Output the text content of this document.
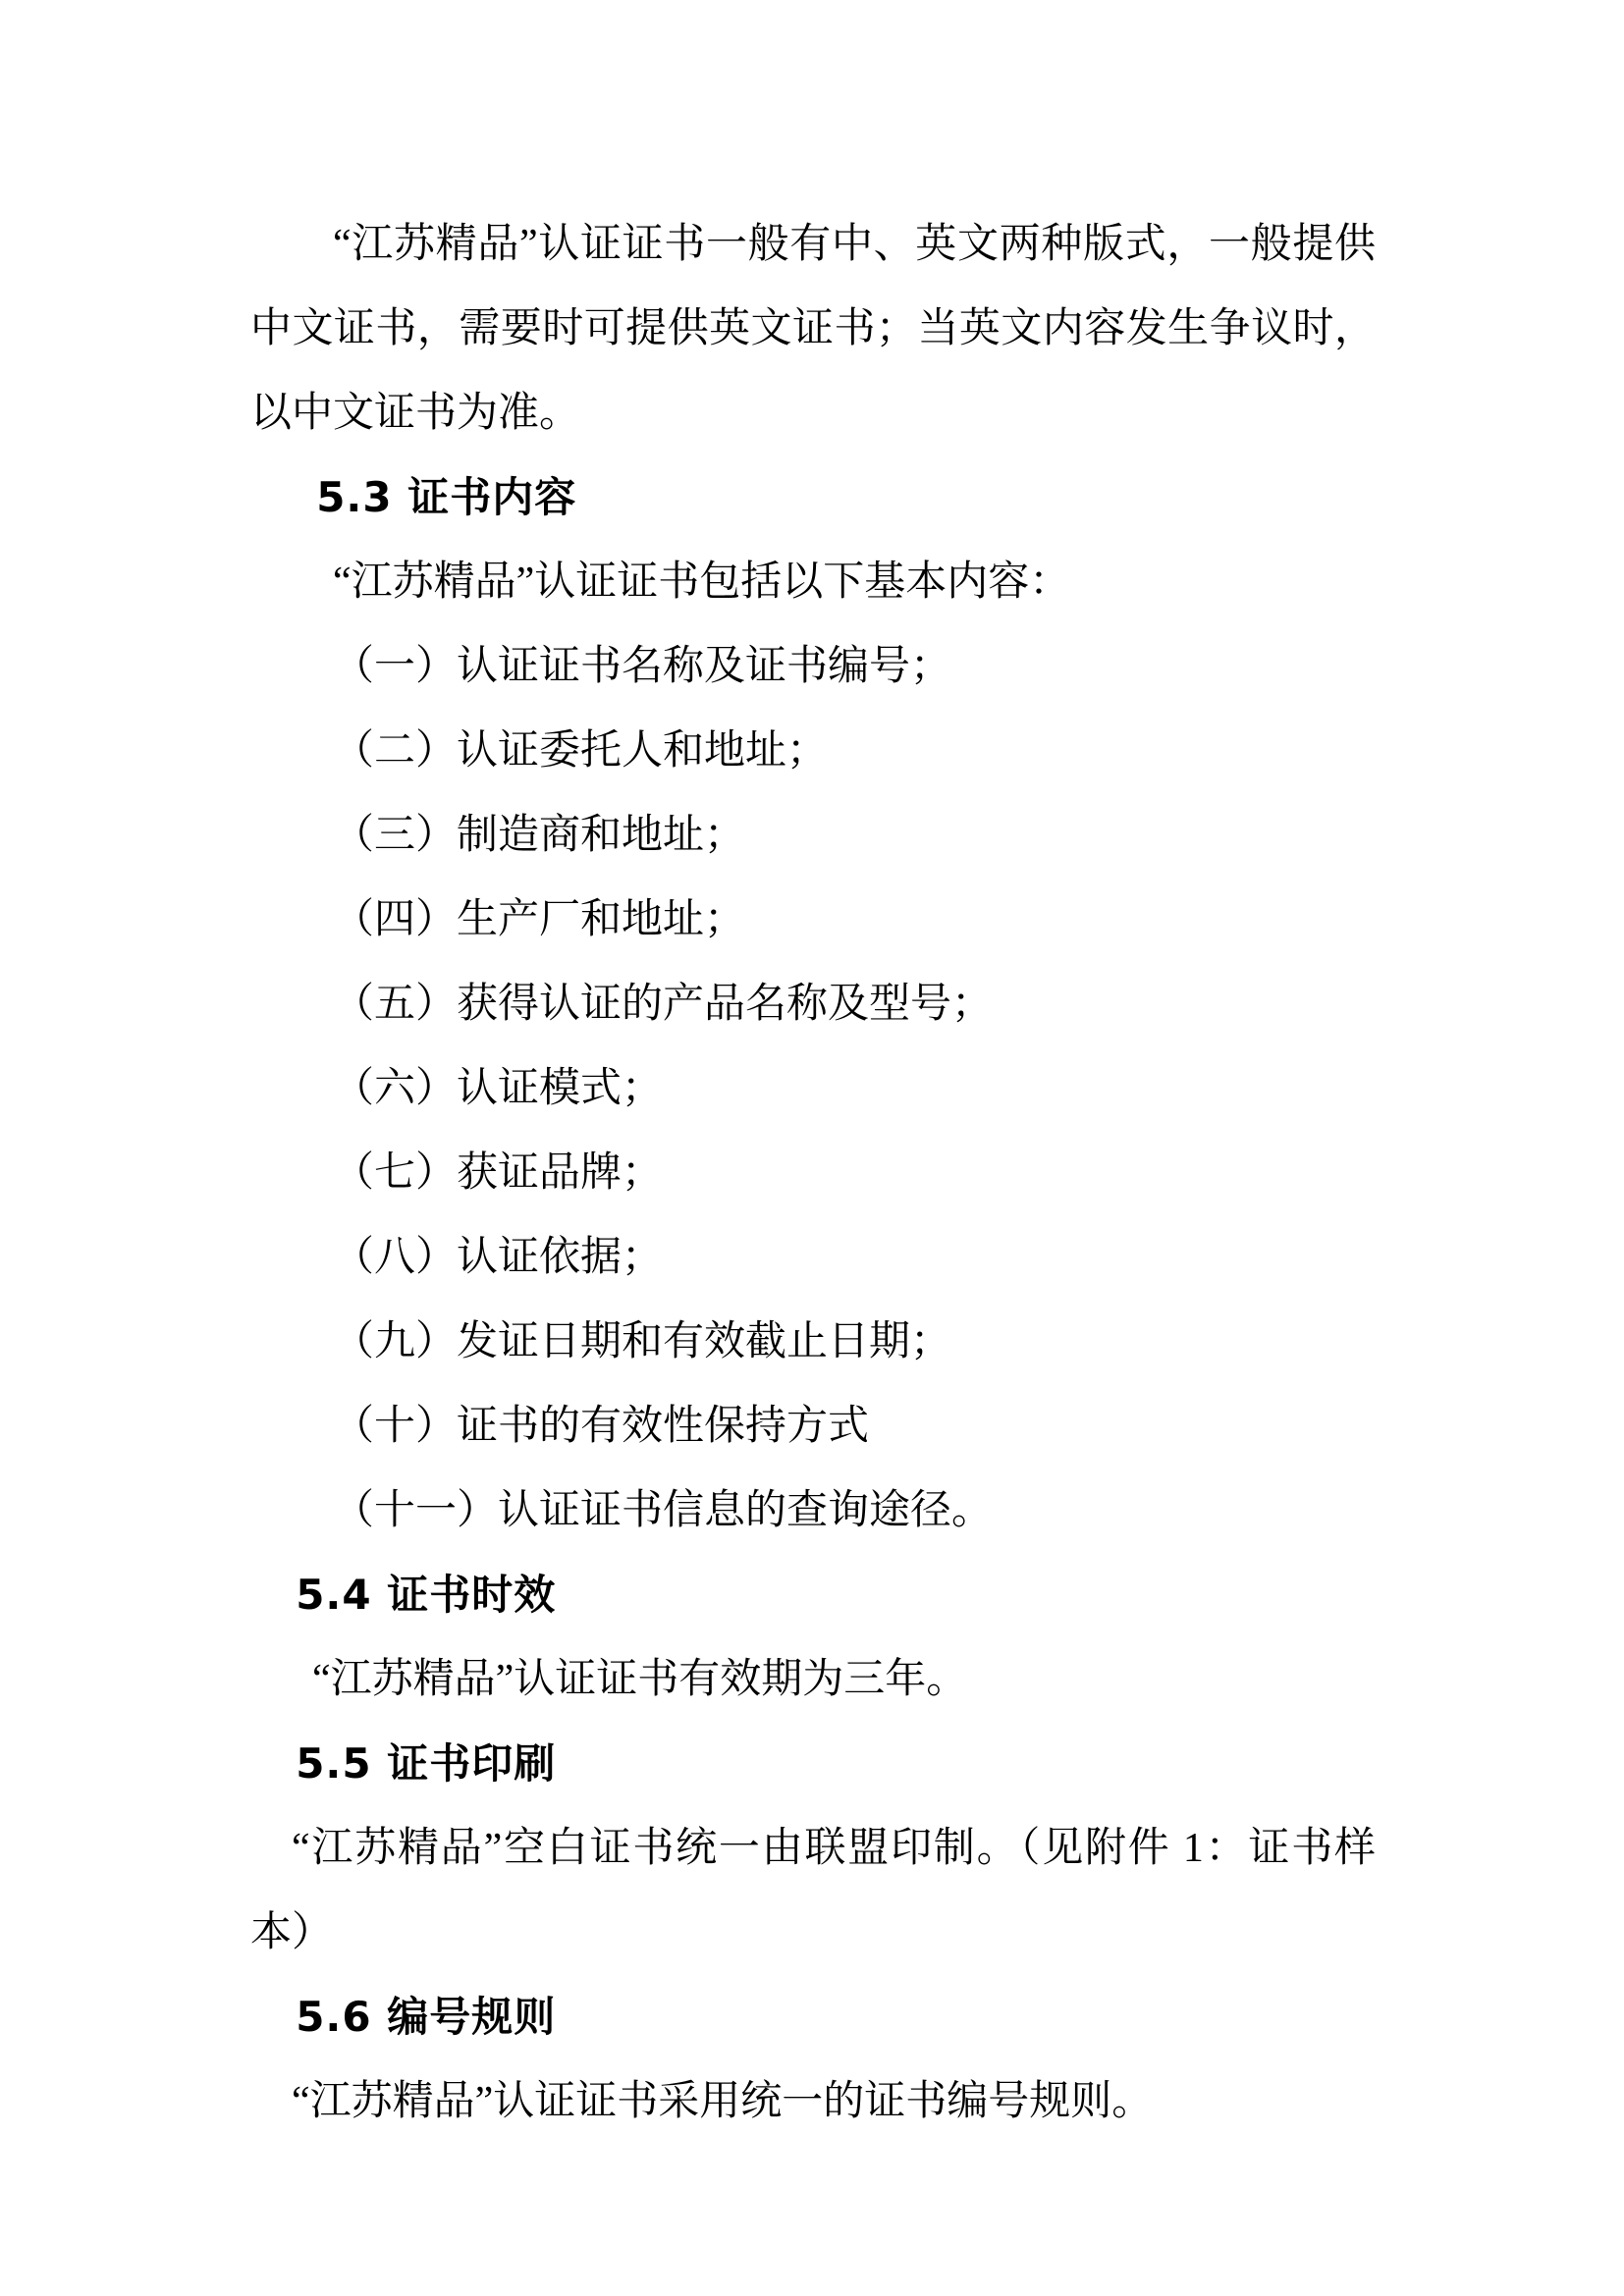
“江苏精品”认证证书一般有中、英文两种版式，一般提供中文证书，需要时可提供英文证书；当英文内容发生争议时，以中文证书为准。

5.3 证书内容

“江苏精品”认证证书包括以下基本内容：

（一）认证证书名称及证书编号；

（二）认证委托人和地址；

（三）制造商和地址；

（四）生产厂和地址；

（五）获得认证的产品名称及型号；

（六）认证模式；

（七）获证品牌；

（八）认证依据；

（九）发证日期和有效截止日期；

（十）证书的有效性保持方式

（十一）认证证书信息的查询途径。

5.4 证书时效

“江苏精品”认证证书有效期为三年。

5.5 证书印刷

“江苏精品”空白证书统一由联盟印制。（见附件 1：证书样本）

5.6 编号规则

“江苏精品”认证证书采用统一的证书编号规则。
